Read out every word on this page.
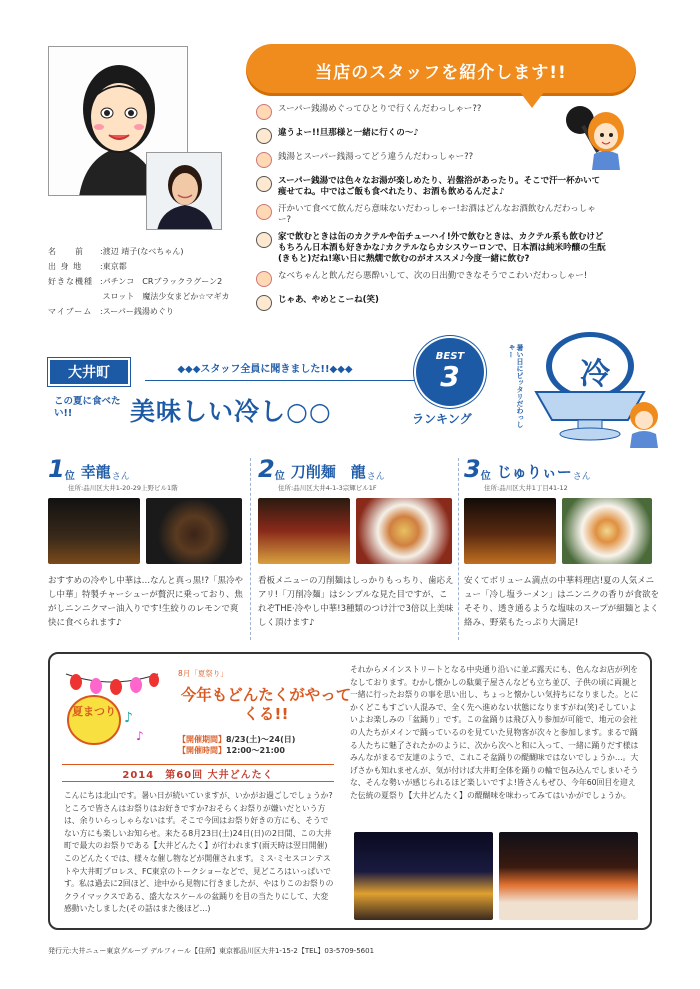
名　　前	: 渡辺 靖子(なべちゃん)
出 身 地	: 東京都
好きな機種 : パチンコ　CRブラックラグーン2

スロット　魔法少女まどか☆マギカ
マイブーム : スーパー銭湯めぐり
当店のスタッフを紹介します!!
スーパー銭湯めぐってひとりで行くんだわっしゃー??
違うよー!!旦那様と一緒に行くの～♪
銭湯とスーパー銭湯ってどう違うんだわっしゃー??
スーパー銭湯では色々なお湯が楽しめたり、岩盤浴があったり。そこで汗一杯かいて痩せてね。中ではご飯も食べれたり、お酒も飲めるんだよ♪
汗かいて食べて飲んだら意味ないだわっしゃー!お酒はどんなお酒飲むんだわっしゃー?
家で飲むときは缶のカクテルや缶チューハイ!外で飲むときは、カクテル系も飲むけどもちろん日本酒も好きかな♪カクテルならカシスウーロンで、日本酒は純米吟醸の生酛(きもと)だね!寒い日に熱燗で飲むのがオススメ♪今度一緒に飲む?
なべちゃんと飲んだら悪酔いして、次の日出勤できなそうでこわいだわっしゃー!
じゃあ、やめとこーね(笑)
大井町	◆◆◆スタッフ全員に聞きました!!◆◆◆
この夏に食べたい!!	美味しい冷し○○	ランキング
BEST
3	暑い日にピッタリだわっしゃー
冷
1 位 幸龍 さん
住所:品川区大井1-20-29上野ビル1階
おすすめの冷やし中華は…なんと真っ黒!?「黒冷やし中華」特製チャーシューが贅沢に乗っており、焦がしニンニクマー油入りです!生絞りのレモンで爽快に食べられます♪
2 位 刀削麺　龍 さん
住所:品川区大井4-1-3宗輝ビル1F
看板メニューの刀削麺はしっかりもっちり、歯応えアリ!「刀削冷麺」はシンプルな見た目ですが、これぞTHE·冷やし中華!3種類のつけ汁で3倍以上美味しく頂けます♪
3 位 じゅりぃー さん
住所:品川区大井1丁目41-12
安くてボリューム満点の中華料理店!夏の人気メニュー「冷し塩ラーメン」はニンニクの香りが食欲をそそり、透き通るような塩味のスープが細麺とよく絡み、野菜もたっぷり大満足!
♪
♪
夏まつり
8月「夏祭り」
今年もどんたくがやってくる!!
【開催期間】8/23(土)～24(日)
【開催時間】12:00～21:00
2014　第60回 大井どんたく
こんにちは北山です。暑い日が続いていますが、いかがお過ごしでしょうか?ところで皆さんはお祭りはお好きですか?おそらくお祭りが嫌いだという方は、余りいらっしゃらないはず。そこで今回はお祭り好きの方にも、そうでない方にも楽しいお知らせ。来たる8月23日(土)24日(日)の2日間、この大井町で最大のお祭りである【大井どんたく】が行われます(雨天時は翌日開催)このどんたくでは、様々な催し物などが開催されます。ミス·ミセスコンテストや大井町プロレス、FC東京のトークショーなどで、見どころはいっぱいです。私は過去に2回ほど、途中から見物に行きましたが、やはりこのお祭りのクライマックスである、盛大なスケールの盆踊りを目の当たりにして、大変感動いたしました(その話はまた後ほど…)
それからメインストリートとなる中央通り沿いに並ぶ露天にも、色んなお店が列をなしております。むかし懐かしの駄菓子屋さんなども立ち並び、子供の頃に両親と一緒に行ったお祭りの事を思い出し、ちょっと懐かしい気持ちになりました。とにかくどこもすごい人混みで、全く先へ進めない状態になりますがね(笑)そしていよいよお楽しみの「盆踊り」です。この盆踊りは飛び入り参加が可能で、地元の会社の人たちがメインで踊っているのを見ていた見物客が次々と参加します。まるで踊る人たちに魅了されたかのように、次から次へと和に入って、一緒に踊りだす様はみんながまるで友達のようで、これこそ盆踊りの醍醐味ではないでしょうか…。大げさかも知れませんが、気が付けば大井町全体を踊りの輪で包み込んでしまいそうな、そんな勢いが感じられるほど楽しいですよ!皆さんもぜひ、今年60回目を迎えた伝統の夏祭り【大井どんたく】の醍醐味を味わってみてはいかがでしょうか。
発行元:大井ニュー東京グループ デルフィール【住所】東京都品川区大井1-15-2【TEL】03-5709-5601
